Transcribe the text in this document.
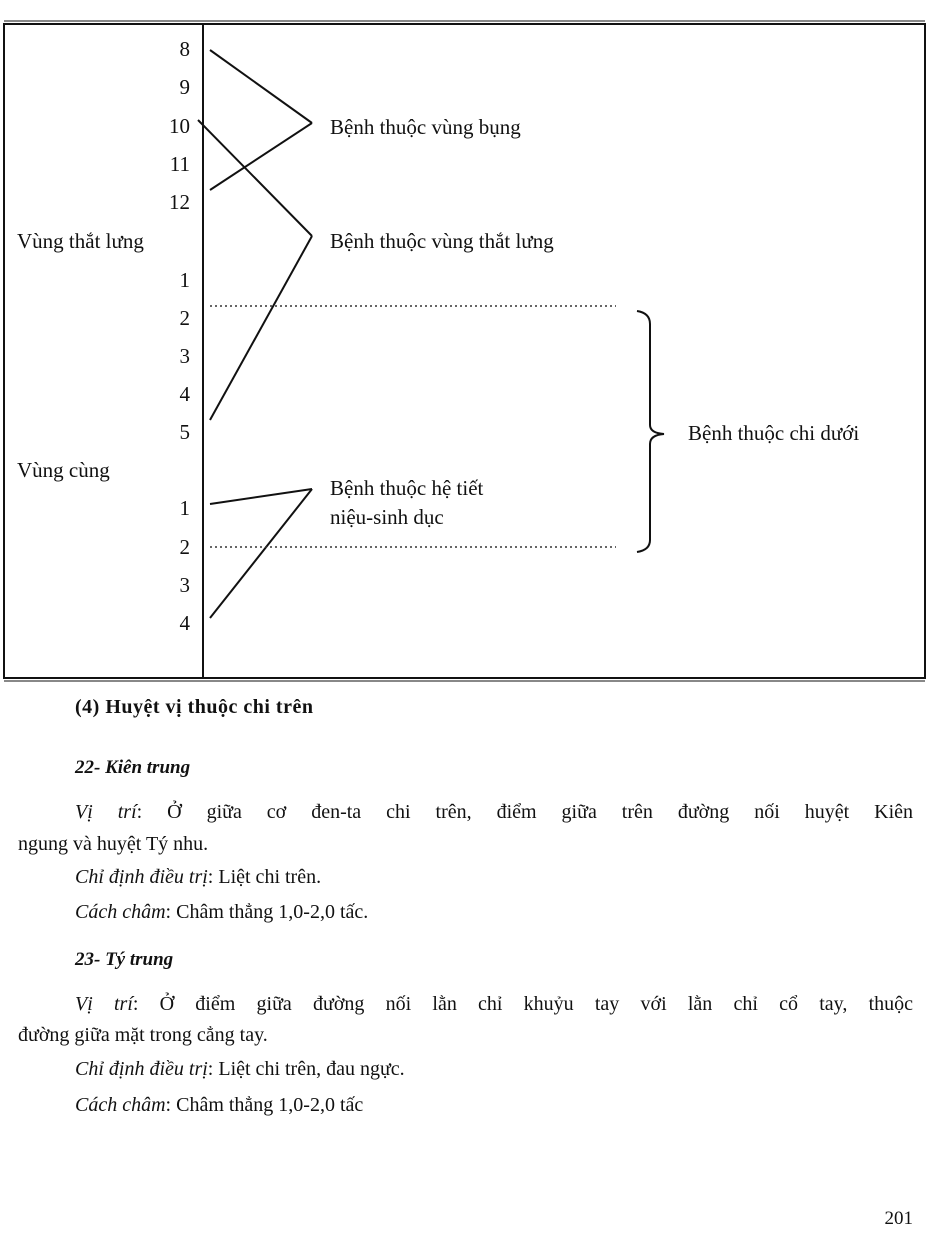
8
9
10
11
12
Vùng thắt lưng
1
2
3
4
5
Vùng cùng
1
2
3
4
Bệnh thuộc vùng bụng
Bệnh thuộc vùng thắt lưng
Bệnh thuộc hệ tiết
niệu-sinh dục
Bệnh thuộc chi dưới
(4) Huyệt vị thuộc chi trên
22- Kiên trung
Vị trí: Ở giữa cơ đen-ta chi trên, điểm giữa trên đường nối huyệt Kiên
ngung và huyệt Tý nhu.
Chỉ định điều trị: Liệt chi trên.
Cách châm: Châm thẳng 1,0-2,0 tấc.
23- Tý trung
Vị trí: Ở điểm giữa đường nối lằn chỉ khuỷu tay với lằn chỉ cổ tay, thuộc
đường giữa mặt trong cẳng tay.
Chỉ định điều trị: Liệt chi trên, đau ngực.
Cách châm: Châm thẳng 1,0-2,0 tấc
201
